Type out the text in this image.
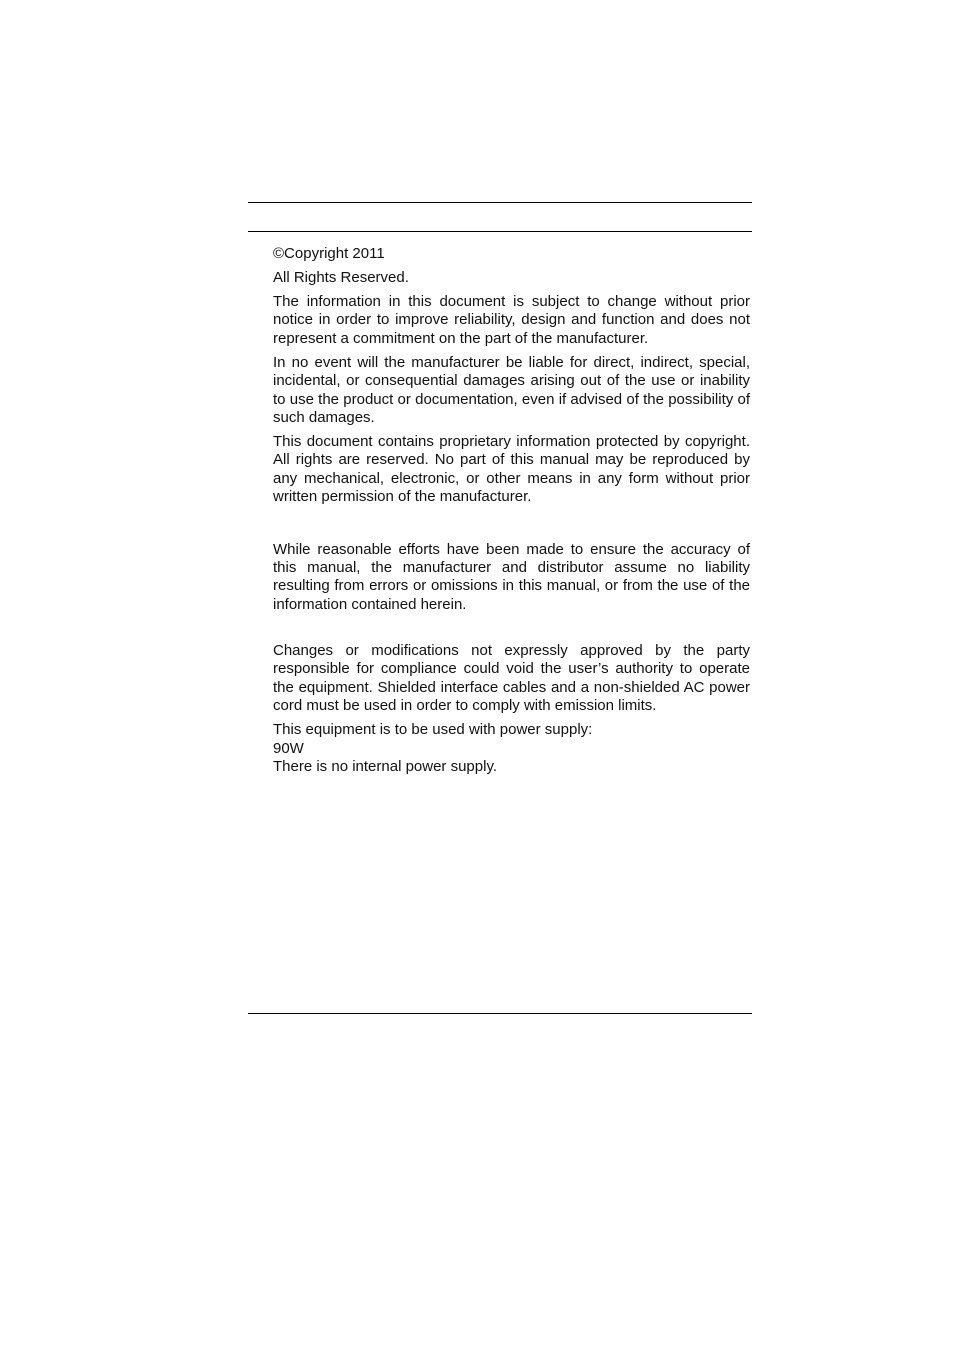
©Copyright 2011

All Rights Reserved.

The information in this document is subject to change without prior notice in order to improve reliability, design and function and does not represent a commitment on the part of the manufacturer.

In no event will the manufacturer be liable for direct, indirect, special, incidental, or consequential damages arising out of the use or inability to use the product or documentation, even if advised of the possibility of such damages.

This document contains proprietary information protected by copyright. All rights are reserved. No part of this manual may be reproduced by any mechanical, electronic, or other means in any form without prior written permission of the manufacturer.

While reasonable efforts have been made to ensure the accuracy of this manual, the manufacturer and distributor assume no liability resulting from errors or omissions in this manual, or from the use of the information contained herein.

Changes or modifications not expressly approved by the party responsible for compliance could void the user’s authority to operate the equipment. Shielded interface cables and a non-shielded AC power cord must be used in order to comply with emission limits.

This equipment is to be used with power supply:
90W
There is no internal power supply.
